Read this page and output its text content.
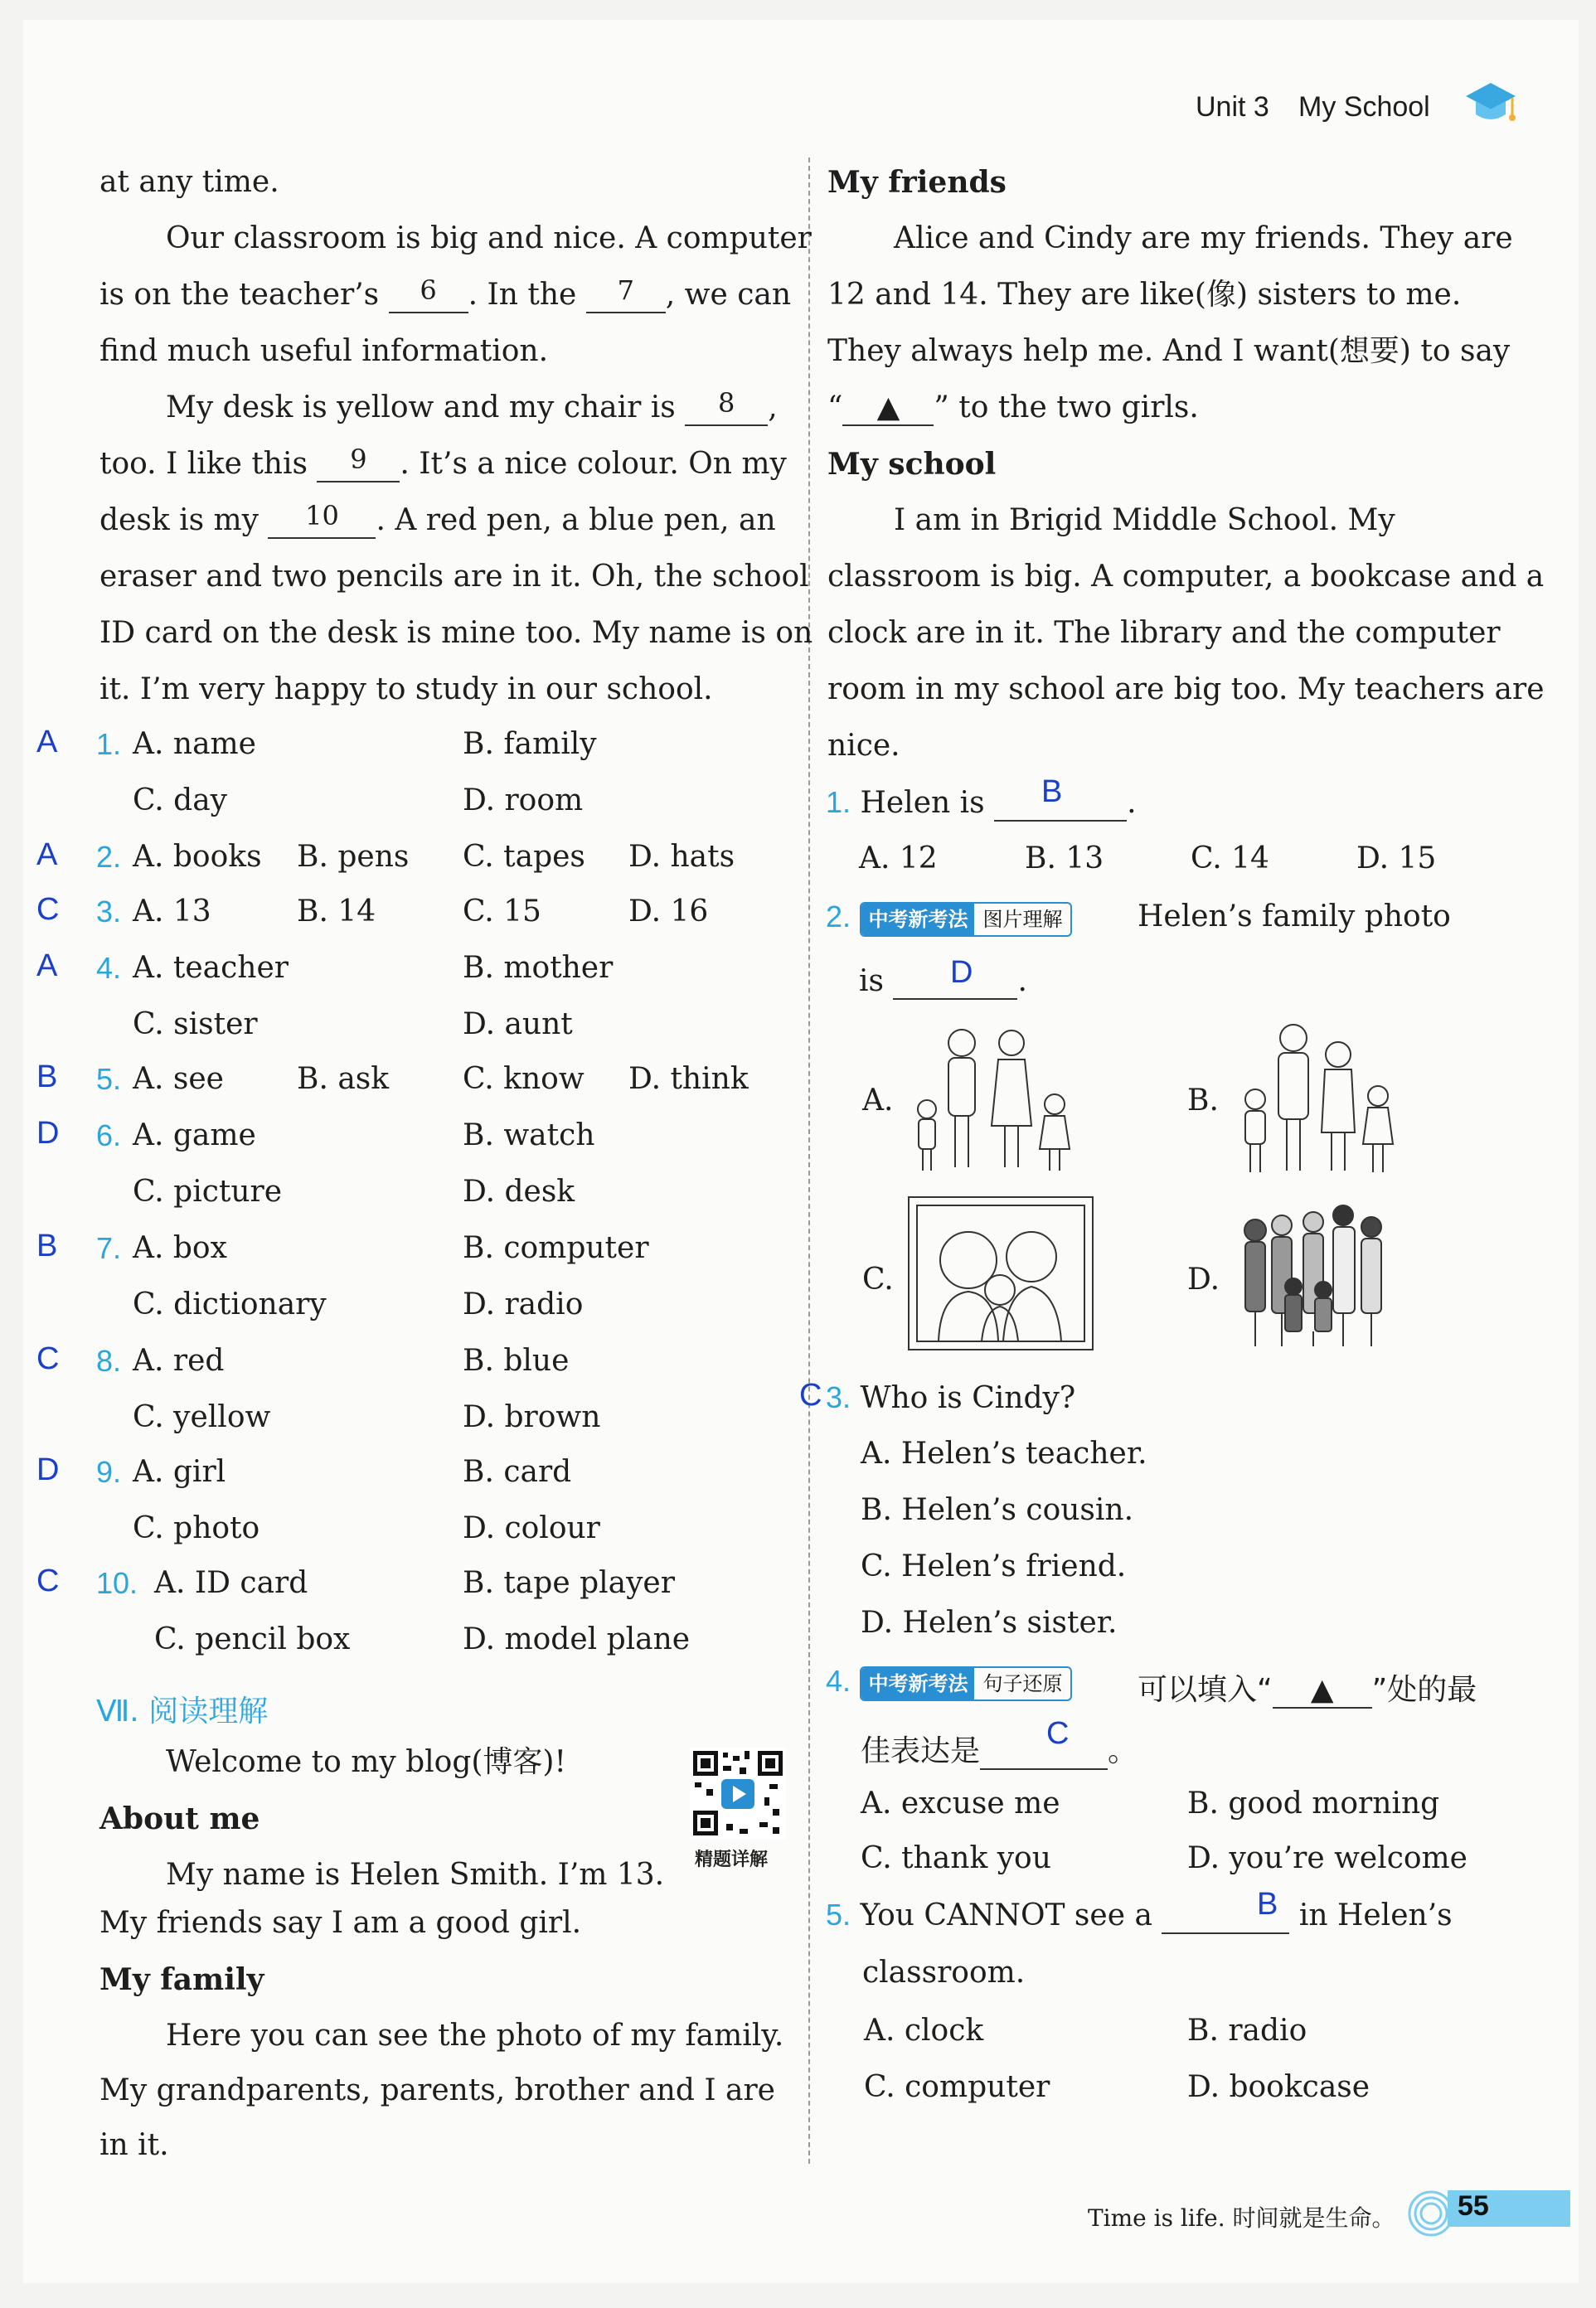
Unit 3 My School
at any time.
Our classroom is big and nice. A computer
is on the teacher’s	6	. In the	7	, we can
find much useful information.
My desk is yellow and my chair is	8	,
too. I like this	9	. It’s a nice colour. On my
desk is my	10	. A red pen, a blue pen, an
eraser and two pencils are in it. Oh, the school
ID card on the desk is mine too. My name is on
it. I’m very happy to study in our school.
A 1. A. name	B. family
C. day	D. room
A 2. A. books B. pens C. tapes D. hats
C 3. A. 13	B. 14	C. 15	D. 16
A 4. A. teacher	B. mother
C. sister	D. aunt
B 5. A. see B. ask C. know D. think
D 6. A. game	B. watch
C. picture	D. desk
B 7. A. box	B. computer
C. dictionary	D. radio
C 8. A. red	B. blue
C. yellow	D. brown
D 9. A. girl	B. card
C. photo	D. colour
C 10. A. ID card	B. tape player
C. pencil box	D. model plane
Ⅶ. 阅读理解
Welcome to my blog(博客)!
精题详解
About me
My name is Helen Smith. I’m 13.
My friends say I am a good girl.
My family
Here you can see the photo of my family.
My grandparents, parents, brother and I are
in it.
My friends
Alice and Cindy are my friends. They are
12 and 14. They are like(像) sisters to me.
They always help me. And I want(想要) to say
“ ▲ ” to the two girls.
My school
I am in Brigid Middle School. My
classroom is big. A computer, a bookcase and a
clock are in it. The library and the computer
room in my school are big too. My teachers are
nice.
1. Helen is	.
B
A. 12	B. 13	C. 14	D. 15
2. 中考新考法 图片理解	Helen’s family photo
is	.
D
A.	B.
C.	D.
C 3. Who is Cindy?
A. Helen’s teacher.
B. Helen’s cousin.
C. Helen’s friend.
D. Helen’s sister.
4. 中考新考法 句子还原	可以填入“ ▲ ”处的最
佳表达是	。
C
A. excuse me	B. good morning
C. thank you	D. you’re welcome
5. You CANNOT see a	in Helen’s
B
classroom.
A. clock	B. radio
C. computer	D. bookcase
Time is life. 时间就是生命。 55
